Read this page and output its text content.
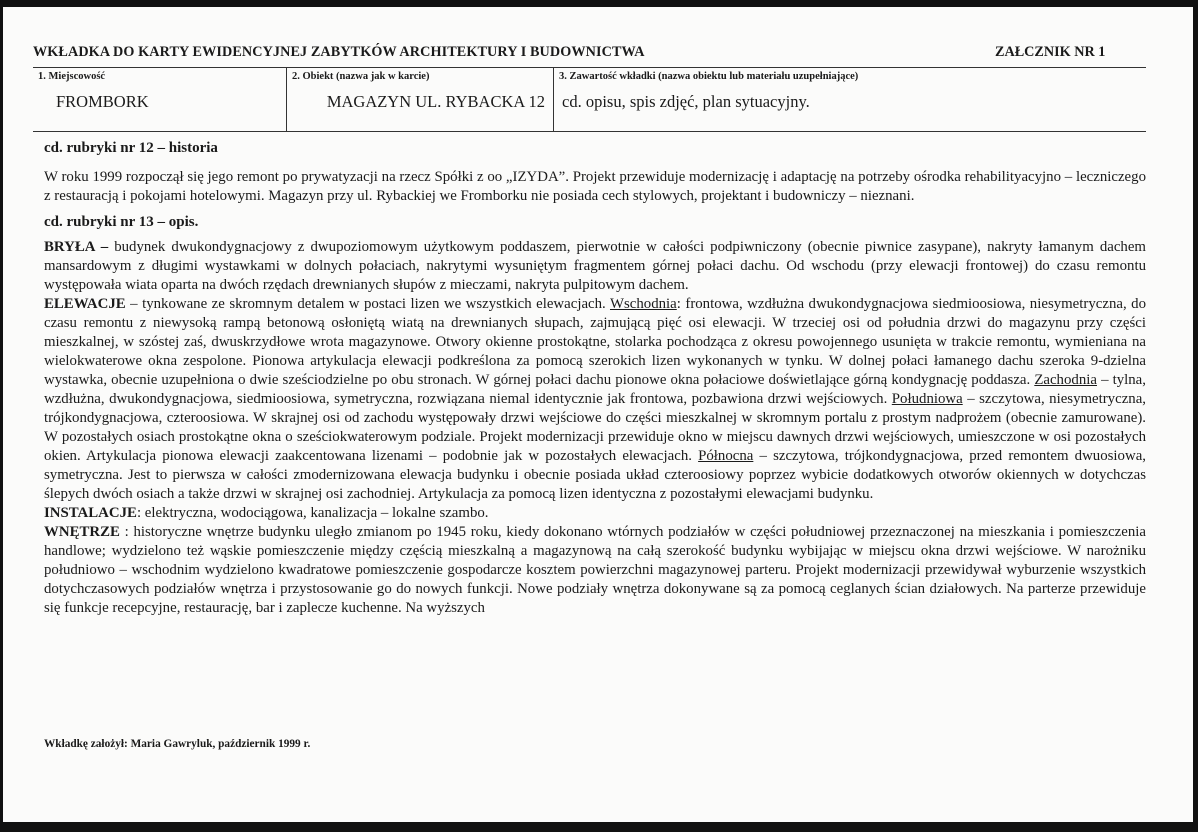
WKŁADKA DO KARTY EWIDENCYJNEJ ZABYTKÓW ARCHITEKTURY I BUDOWNICTWA	ZAŁCZNIK NR 1
1. Miejscowość
FROMBORK
2. Obiekt (nazwa jak w karcie)
MAGAZYN UL. RYBACKA 12
3. Zawartość wkładki (nazwa obiektu lub materiału uzupełniające)
cd. opisu, spis zdjęć, plan sytuacyjny.

cd. rubryki nr 12 – historia

W roku 1999 rozpoczął się jego remont po prywatyzacji na rzecz Spółki z oo „IZYDA”. Projekt przewiduje modernizację i adaptację na potrzeby ośrodka rehabilityacyjno – leczniczego z restauracją i pokojami hotelowymi. Magazyn przy ul. Rybackiej we Fromborku nie posiada cech stylowych, projektant i budowniczy – nieznani.

cd. rubryki nr 13 – opis.

BRYŁA – budynek dwukondygnacjowy z dwupoziomowym użytkowym poddaszem, pierwotnie w całości podpiwniczony (obecnie piwnice zasypane), nakryty łamanym dachem mansardowym z długimi wystawkami w dolnych połaciach, nakrytymi wysuniętym fragmentem górnej połaci dachu. Od wschodu (przy elewacji frontowej) do czasu remontu występowała wiata oparta na dwóch rzędach drewnianych słupów z mieczami, nakryta pulpitowym dachem.

ELEWACJE – tynkowane ze skromnym detalem w postaci lizen we wszystkich elewacjach. Wschodnia: frontowa, wzdłużna dwukondygnacjowa siedmioosiowa, niesymetryczna, do czasu remontu z niewysoką rampą betonową osłoniętą wiatą na drewnianych słupach, zajmującą pięć osi elewacji. W trzeciej osi od południa drzwi do magazynu przy części mieszkalnej, w szóstej zaś, dwuskrzydłowe wrota magazynowe. Otwory okienne prostokątne, stolarka pochodząca z okresu powojennego usunięta w trakcie remontu, wymieniana na wielokwaterowe okna zespolone. Pionowa artykulacja elewacji podkreślona za pomocą szerokich lizen wykonanych w tynku. W dolnej połaci łamanego dachu szeroka 9-dzielna wystawka, obecnie uzupełniona o dwie sześciodzielne po obu stronach. W górnej połaci dachu pionowe okna połaciowe doświetlające górną kondygnację poddasza. Zachodnia – tylna, wzdłużna, dwukondygnacjowa, siedmioosiowa, symetryczna, rozwiązana niemal identycznie jak frontowa, pozbawiona drzwi wejściowych. Południowa – szczytowa, niesymetryczna, trójkondygnacjowa, czteroosiowa. W skrajnej osi od zachodu występowały drzwi wejściowe do części mieszkalnej w skromnym portalu z prostym nadprożem (obecnie zamurowane). W pozostałych osiach prostokątne okna o sześciokwaterowym podziale. Projekt modernizacji przewiduje okno w miejscu dawnych drzwi wejściowych, umieszczone w osi pozostałych okien. Artykulacja pionowa elewacji zaakcentowana lizenami – podobnie jak w pozostałych elewacjach. Północna – szczytowa, trójkondygnacjowa, przed remontem dwuosiowa, symetryczna. Jest to pierwsza w całości zmodernizowana elewacja budynku i obecnie posiada układ czteroosiowy poprzez wybicie dodatkowych otworów okiennych w dotychczas ślepych dwóch osiach a także drzwi w skrajnej osi zachodniej. Artykulacja za pomocą lizen identyczna z pozostałymi elewacjami budynku.

INSTALACJE: elektryczna, wodociągowa, kanalizacja – lokalne szambo.

WNĘTRZE : historyczne wnętrze budynku uległo zmianom po 1945 roku, kiedy dokonano wtórnych podziałów w części południowej przeznaczonej na mieszkania i pomieszczenia handlowe; wydzielono też wąskie pomieszczenie między częścią mieszkalną a magazynową na całą szerokość budynku wybijając w miejscu okna drzwi wejściowe. W narożniku południowo – wschodnim wydzielono kwadratowe pomieszczenie gospodarcze kosztem powierzchni magazynowej parteru. Projekt modernizacji przewidywał wyburzenie wszystkich dotychczasowych podziałów wnętrza i przystosowanie go do nowych funkcji. Nowe podziały wnętrza dokonywane są za pomocą ceglanych ścian działowych. Na parterze przewiduje się funkcje recepcyjne, restaurację, bar i zaplecze kuchenne. Na wyższych

Wkładkę założył: Maria Gawryluk, październik 1999 r.
